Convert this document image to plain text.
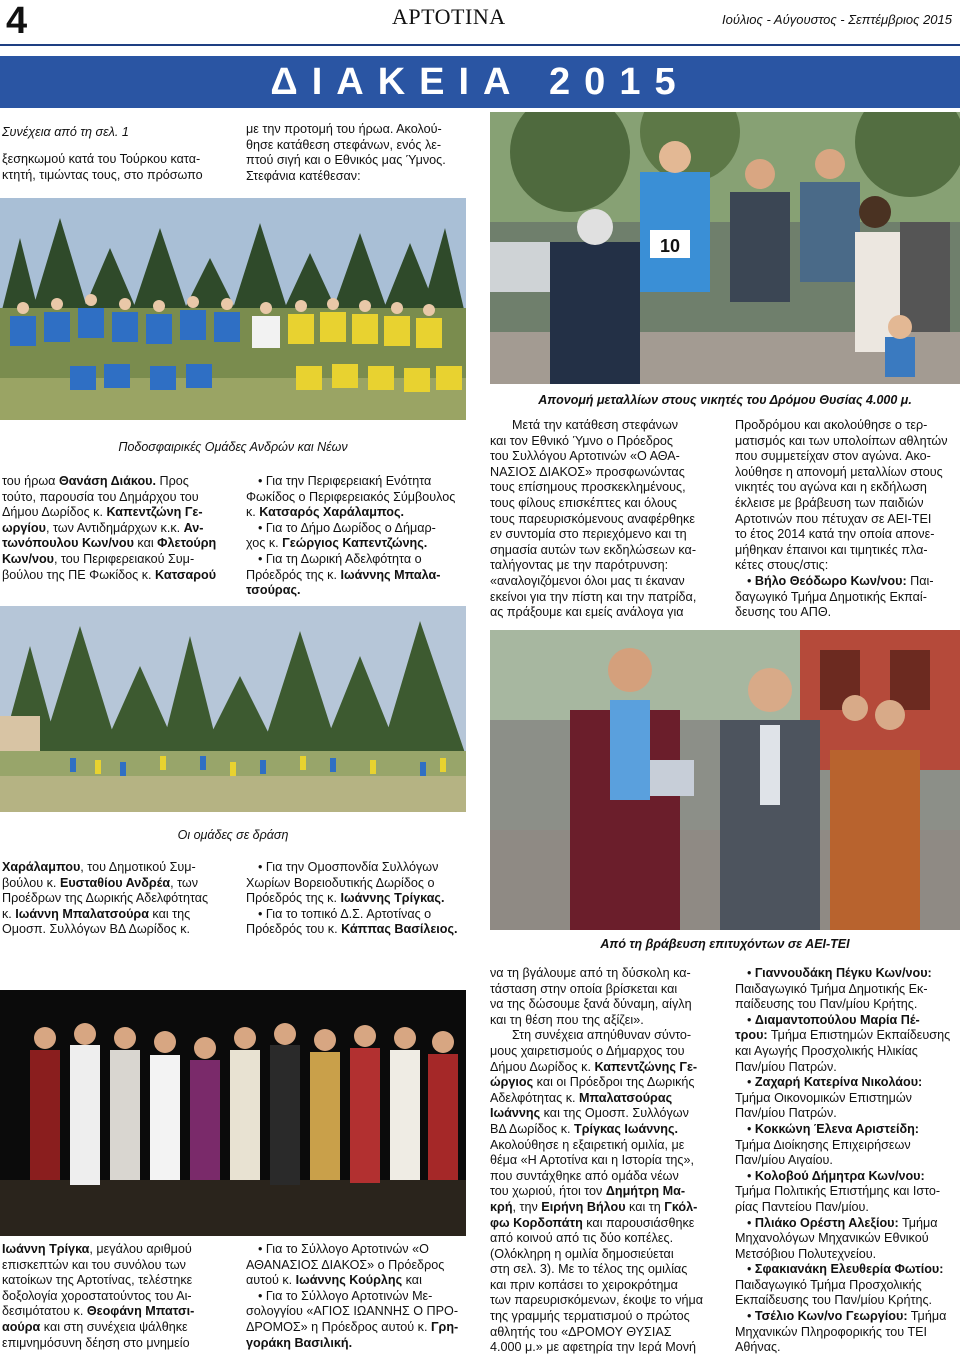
4	ΑΡΤΟΤΙΝΑ	Ιούλιος - Αύγουστος - Σεπτέμβριος 2015
ΔΙΑΚΕΙΑ 2015
Συνέχεια από τη σελ. 1
ξεσηκωμού κατά του Τούρκου κατα-
κτητή, τιμώντας τους, στο πρόσωπο
με την προτομή του ήρωα. Ακολού-
θησε κατάθεση στεφάνων, ενός λε-
πτού σιγή και ο Εθνικός μας Ύμνος.
Στεφάνια κατέθεσαν:
10
Ποδοσφαιρικές Ομάδες Ανδρών και Νέων
Απονομή μεταλλίων στους νικητές του Δρόμου Θυσίας 4.000 μ.
του ήρωα Θανάση Διάκου. Προς
τούτο, παρουσία του Δημάρχου του
Δήμου Δωρίδος κ. Καπεντζώνη Γε-
ωργίου, των Αντιδημάρχων κ.κ. Αν-
τωνόπουλου Κων/νου και Φλετούρη
Κων/νου, του Περιφερειακού Συμ-
βούλου της ΠΕ Φωκίδος κ. Κατσαρού
• Για την Περιφερειακή Ενότητα
Φωκίδος ο Περιφερειακός Σύμβουλος
κ. Κατσαρός Χαράλαμπος.
• Για το Δήμο Δωρίδος ο Δήμαρ-
χος κ. Γεώργιος Καπεντζώνης.
• Για τη Δωρική Αδελφότητα ο
Πρόεδρός της κ. Ιωάννης Μπαλα-
τσούρας.
Μετά την κατάθεση στεφάνων
και τον Εθνικό Ύμνο ο Πρόεδρος
του Συλλόγου Αρτοτινών «Ο ΑΘΑ-
ΝΑΣΙΟΣ ΔΙΑΚΟΣ» προσφωνώντας
τους επίσημους προσκεκλημένους,
τους φίλους επισκέπτες και όλους
τους παρευρισκόμενους αναφέρθηκε
εν συντομία στο περιεχόμενο και τη
σημασία αυτών των εκδηλώσεων κα-
ταλήγοντας με την παρότρυνση:
«αναλογιζόμενοι όλοι μας τι έκαναν
εκείνοι για την πίστη και την πατρίδα,
ας πράξουμε και εμείς ανάλογα για
Προδρόμου και ακολούθησε ο τερ-
ματισμός και των υπολοίπων αθλητών
που συμμετείχαν στον αγώνα. Ακο-
λούθησε η απονομή μεταλλίων στους
νικητές του αγώνα και η εκδήλωση
έκλεισε με βράβευση των παιδιών
Αρτοτινών που πέτυχαν σε ΑΕΙ-ΤΕΙ
το έτος 2014 κατά την οποία απονε-
μήθηκαν έπαινοι και τιμητικές πλα-
κέτες στους/στις:
• Βήλο Θεόδωρο Κων/νου: Παι-
δαγωγικό Τμήμα Δημοτικής Εκπαί-
δευσης του ΑΠΘ.
Οι ομάδες σε δράση
Από τη βράβευση επιτυχόντων σε ΑΕΙ-ΤΕΙ
Χαράλαμπου, του Δημοτικού Συμ-
βούλου κ. Ευσταθίου Ανδρέα, των
Προέδρων της Δωρικής Αδελφότητας
κ. Ιωάννη Μπαλατσούρα και της
Ομοσπ. Συλλόγων ΒΔ Δωρίδος κ.
• Για την Ομοσπονδία Συλλόγων
Χωρίων Βορειοδυτικής Δωρίδος ο
Πρόεδρός της κ. Ιωάννης Τρίγκας.
• Για το τοπικό Δ.Σ. Αρτοτίνας ο
Πρόεδρός του κ. Κάππας Βασίλειος.
Ιωάννη Τρίγκα, μεγάλου αριθμού
επισκεπτών και του συνόλου των
κατοίκων της Αρτοτίνας, τελέστηκε
δοξολογία χοροστατούντος του Αι-
δεσιμότατου κ. Θεοφάνη Μπατσι-
αούρα και στη συνέχεια ψάλθηκε
επιμνημόσυνη δέηση στο μνημείο
• Για το Σύλλογο Αρτοτινών «Ο
ΑΘΑΝΑΣΙΟΣ ΔΙΑΚΟΣ» ο Πρόεδρος
αυτού κ. Ιωάννης Κούρλης και
• Για το Σύλλογο Αρτοτινών Με-
σολογγίου «ΑΓΙΟΣ ΙΩΑΝΝΗΣ Ο ΠΡΟ-
ΔΡΟΜΟΣ» η Πρόεδρος αυτού κ. Γρη-
γοράκη Βασιλική.
να τη βγάλουμε από τη δύσκολη κα-
τάσταση στην οποία βρίσκεται και
να της δώσουμε ξανά δύναμη, αίγλη
και τη θέση που της αξίζει».
Στη συνέχεια απηύθυναν σύντο-
μους χαιρετισμούς ο Δήμαρχος του
Δήμου Δωρίδος κ. Καπεντζώνης Γε-
ώργιος και οι Πρόεδροι της Δωρικής
Αδελφότητας κ. Μπαλατσούρας
Ιωάννης και της Ομοσπ. Συλλόγων
ΒΔ Δωρίδος κ. Τρίγκας Ιωάννης.
Ακολούθησε η εξαιρετική ομιλία, με
θέμα «Η Αρτοτίνα και η Ιστορία της»,
που συντάχθηκε από ομάδα νέων
του χωριού, ήτοι τον Δημήτρη Μα-
κρή, την Ειρήνη Βήλου και τη Γκόλ-
φω Κορδοπάτη και παρουσιάσθηκε
από κοινού από τις δύο κοπέλες.
(Ολόκληρη η ομιλία δημοσιεύεται
στη σελ. 3). Με το τέλος της ομιλίας
και πριν κοπάσει το χειροκρότημα
των παρευρισκόμενων, έκοψε το νήμα
της γραμμής τερματισμού ο πρώτος
αθλητής του «ΔΡΟΜΟΥ ΘΥΣΙΑΣ
4.000 μ.» με αφετηρία την Ιερά Μονή
• Γιαννουδάκη Πέγκυ Κων/νου:
Παιδαγωγικό Τμήμα Δημοτικής Εκ-
παίδευσης του Παν/μίου Κρήτης.
• Διαμαντοπούλου Μαρία Πέ-
τρου: Τμήμα Επιστημών Εκπαίδευσης
και Αγωγής Προσχολικής Ηλικίας
Παν/μίου Πατρών.
• Ζαχαρή Κατερίνα Νικολάου:
Τμήμα Οικονομικών Επιστημών
Παν/μίου Πατρών.
• Κοκκώνη Έλενα Αριστείδη:
Τμήμα Διοίκησης Επιχειρήσεων
Παν/μίου Αιγαίου.
• Κολοβού Δήμητρα Κων/νου:
Τμήμα Πολιτικής Επιστήμης και Ιστο-
ρίας Παντείου Παν/μίου.
• Πλιάκο Ορέστη Αλεξίου: Τμήμα
Μηχανολόγων Μηχανικών Εθνικού
Μετσόβιου Πολυτεχνείου.
• Σφακιανάκη Ελευθερία Φωτίου:
Παιδαγωγικό Τμήμα Προσχολικής
Εκπαίδευσης του Παν/μίου Κρήτης.
• Τσέλιο Κων/νο Γεωργίου: Τμήμα
Μηχανικών Πληροφορικής του ΤΕΙ
Αθήνας.
